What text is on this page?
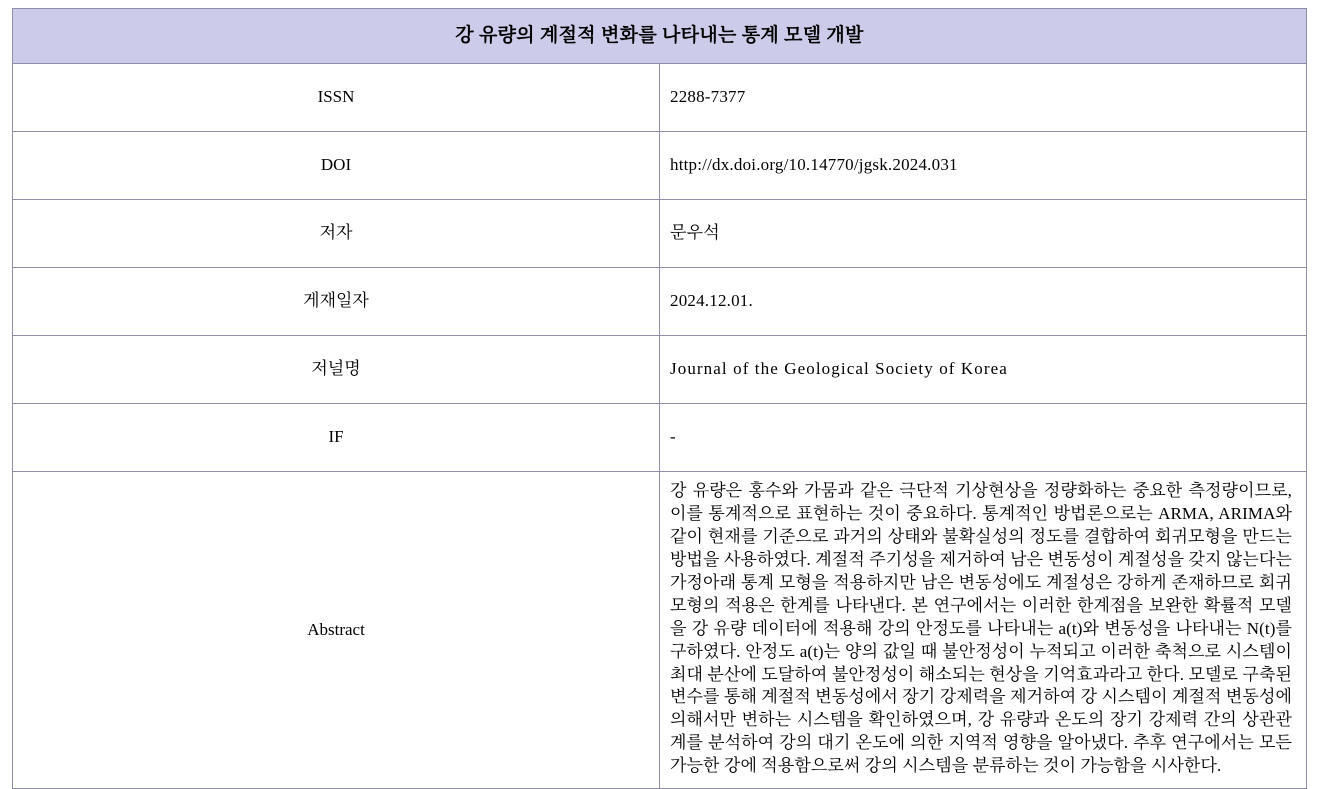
강 유량의 계절적 변화를 나타내는 통계 모델 개발	
ISSN	2288-7377
DOI	http://dx.doi.org/10.14770/jgsk.2024.031
저자	문우석
게재일자	2024.12.01.
저널명	Journal of the Geological Society of Korea
IF	-
Abstract	강 유량은 홍수와 가뭄과 같은 극단적 기상현상을 정량화하는 중요한 측정량이므로, 이를 통계적으로 표현하는 것이 중요하다. 통계적인 방법론으로는 ARMA, ARIMA와 같이 현재를 기준으로 과거의 상태와 불확실성의 정도를 결합하여 회귀모형을 만드는 방법을 사용하였다. 계절적 주기성을 제거하여 남은 변동성이 계절성을 갖지 않는다는 가정아래 통계 모형을 적용하지만 남은 변동성에도 계절성은 강하게 존재하므로 회귀 모형의 적용은 한계를 나타낸다. 본 연구에서는 이러한 한계점을 보완한 확률적 모델을 강 유량 데이터에 적용해 강의 안정도를 나타내는 a(t)와 변동성을 나타내는 N(t)를 구하였다. 안정도 a(t)는 양의 값일 때 불안정성이 누적되고 이러한 축척으로 시스템이 최대 분산에 도달하여 불안정성이 해소되는 현상을 기억효과라고 한다. 모델로 구축된 변수를 통해 계절적 변동성에서 장기 강제력을 제거하여 강 시스템이 계절적 변동성에 의해서만 변하는 시스템을 확인하였으며, 강 유량과 온도의 장기 강제력 간의 상관관계를 분석하여 강의 대기 온도에 의한 지역적 영향을 알아냈다. 추후 연구에서는 모든 가능한 강에 적용함으로써 강의 시스템을 분류하는 것이 가능함을 시사한다.
